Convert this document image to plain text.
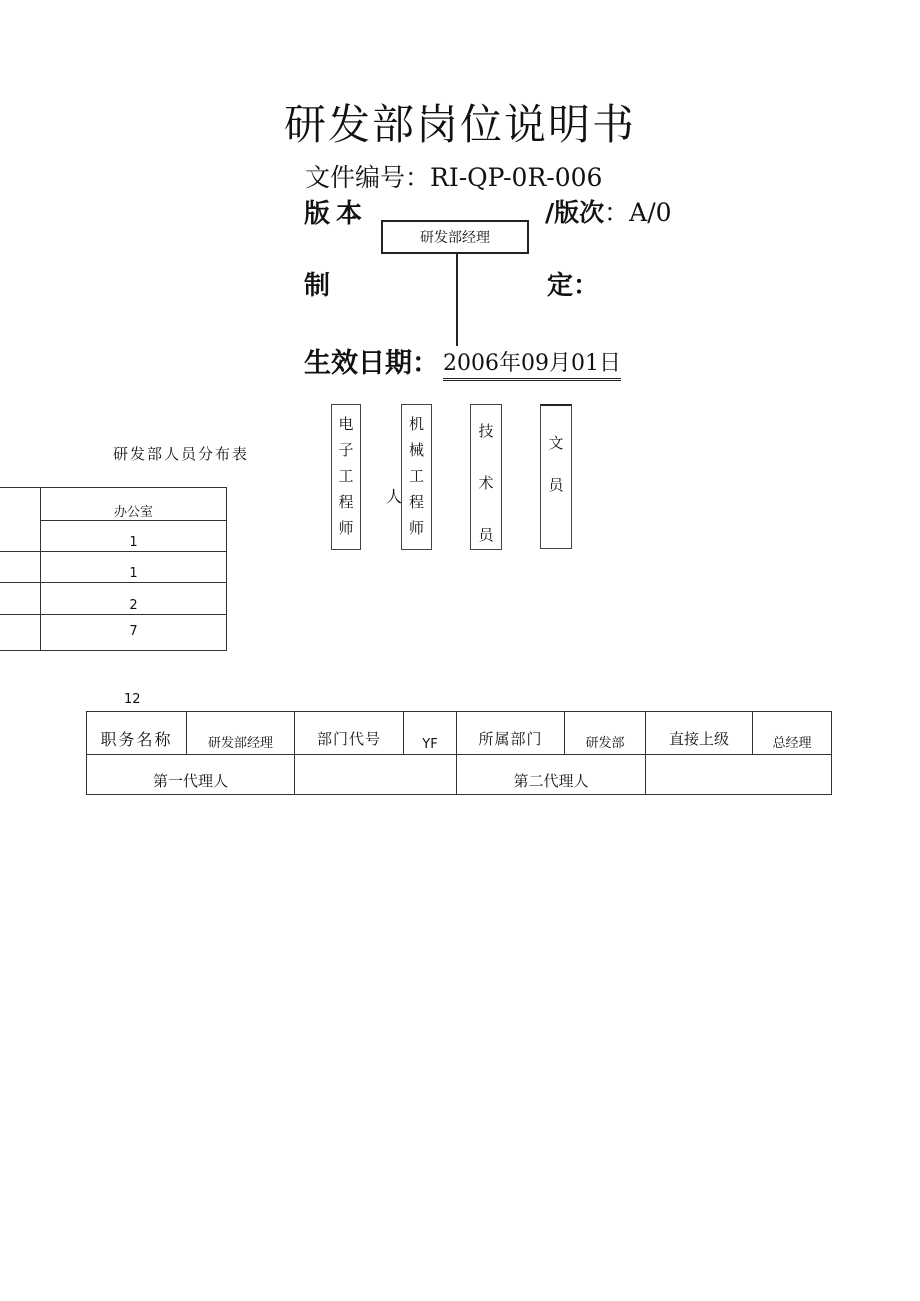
研发部岗位说明书
文件编号：RI-QP-0R-006
版本	/版次：A/0
研发部经理
制	定：
生效日期： 2006年09月01日
电
子
工
程
师
人
机
械
工
程
师
技
术
员
文
员
研发部人员分布表
	办公室
	1
	1
	2
	7
12
职务名称	研发部经理	部门代号	YF	所属部门	研发部	直接上级	总经理
第一代理人				第二代理人			
